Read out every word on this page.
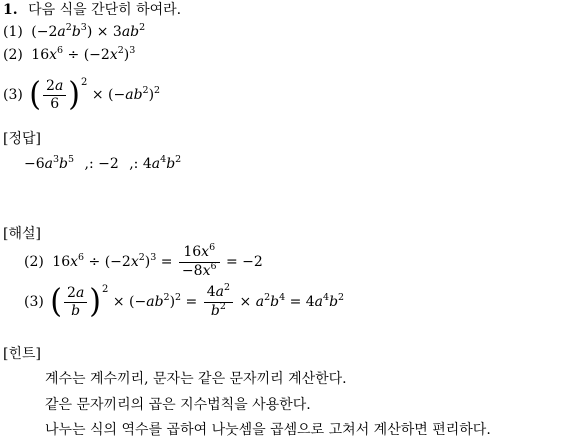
1. 다음 식을 간단히 하여라.
(1) $(-2a^2b^3) \times 3ab^2$
(2) $16x^6 \div (-2x^2)^3$
(3) ( $\frac{2a}{6} )^2 \times (-ab^2)^2$
[정답]
$-6a^3b^5$ ,: −2 ,: $4a^4b^2$
[해설]
(2) $16x^6 \div (-2x^2)^3 = \frac{16x^6}{-8x^6} = -2$
(3) ( $\frac{2a}{b} )^2 \times (-ab^2)^2 = \frac{4a^2}{b^2} \times a^2b^4 = 4a^4b^2$
[힌트]
계수는 계수끼리, 문자는 같은 문자끼리 계산한다.
같은 문자끼리의 곱은 지수법칙을 사용한다.
나누는 식의 역수를 곱하여 나눗셈을 곱셈으로 고쳐서 계산하면 편리하다.
